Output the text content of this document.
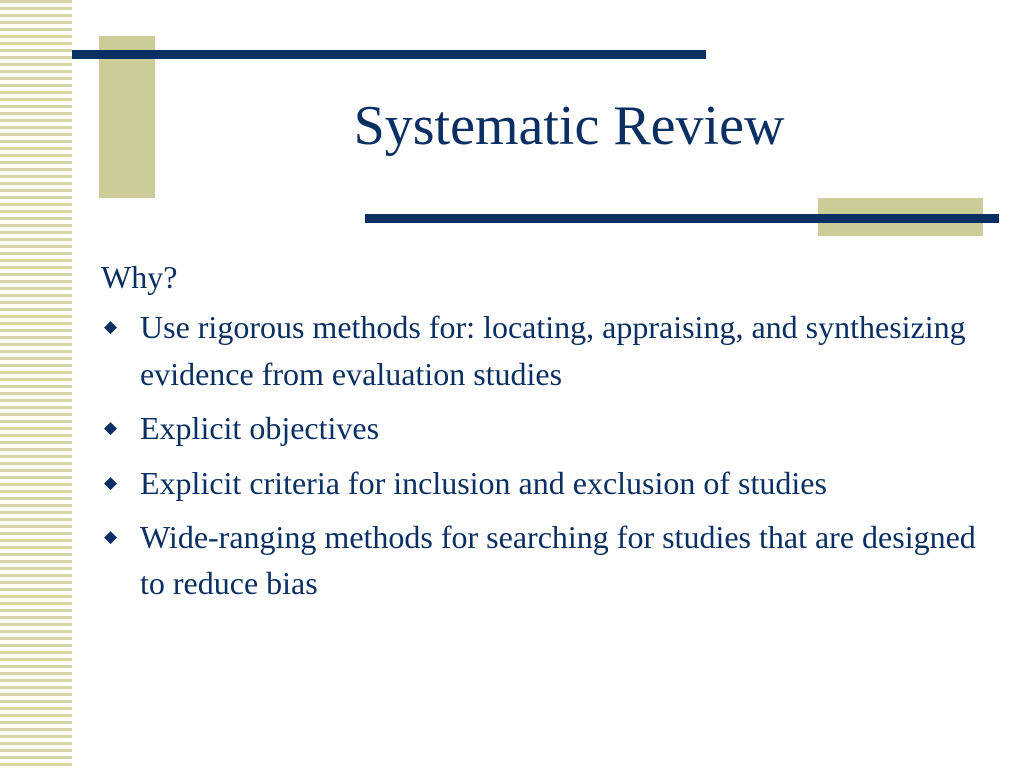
Systematic Review

Why?

◆ Use rigorous methods for: locating, appraising, and synthesizing evidence from evaluation studies
◆ Explicit objectives
◆ Explicit criteria for inclusion and exclusion of studies
◆ Wide-ranging methods for searching for studies that are designed to reduce bias
